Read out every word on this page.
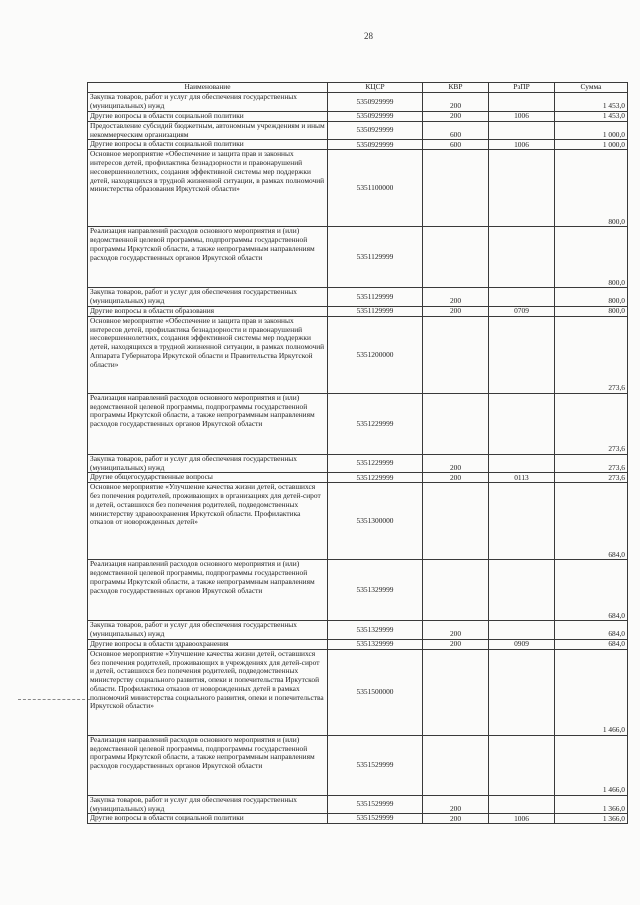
28
Наименование	КЦСР	КВР	РзПР	Сумма
Закупка товаров, работ и услуг для обеспечения государственных (муниципальных) нужд	5350929999	200		1 453,0
Другие вопросы в области социальной политики	5350929999	200	1006	1 453,0
Предоставление субсидий бюджетным, автономным учреждениям и иным некоммерческим организациям	5350929999	600		1 000,0
Другие вопросы в области социальной политики	5350929999	600	1006	1 000,0
Основное мероприятие «Обеспечение и защита прав и законных интересов детей, профилактика безнадзорности и правонарушений несовершеннолетних, создания эффективной системы мер поддержки детей, находящихся в трудной жизненной ситуации, в рамках полномочий министерства образования Иркутской области»	5351100000			800,0
Реализация направлений расходов основного мероприятия и (или) ведомственной целевой программы, подпрограммы государственной программы Иркутской области, а также непрограммным направлениям расходов государственных органов Иркутской области	5351129999			800,0
Закупка товаров, работ и услуг для обеспечения государственных (муниципальных) нужд	5351129999	200		800,0
Другие вопросы в области образования	5351129999	200	0709	800,0
Основное мероприятие «Обеспечение и защита прав и законных интересов детей, профилактика безнадзорности и правонарушений несовершеннолетних, создания эффективной системы мер поддержки детей, находящихся в трудной жизненной ситуации, в рамках полномочий Аппарата Губернатора Иркутской области и Правительства Иркутской области»	5351200000			273,6
Реализация направлений расходов основного мероприятия и (или) ведомственной целевой программы, подпрограммы государственной программы Иркутской области, а также непрограммным направлениям расходов государственных органов Иркутской области	5351229999			273,6
Закупка товаров, работ и услуг для обеспечения государственных (муниципальных) нужд	5351229999	200		273,6
Другие общегосударственные вопросы	5351229999	200	0113	273,6
Основное мероприятие «Улучшение качества жизни детей, оставшихся без попечения родителей, проживающих в организациях для детей-сирот и детей, оставшихся без попечения родителей, подведомственных министерству здравоохранения Иркутской области. Профилактика отказов от новорожденных детей»	5351300000			684,0
Реализация направлений расходов основного мероприятия и (или) ведомственной целевой программы, подпрограммы государственной программы Иркутской области, а также непрограммным направлениям расходов государственных органов Иркутской области	5351329999			684,0
Закупка товаров, работ и услуг для обеспечения государственных (муниципальных) нужд	5351329999	200		684,0
Другие вопросы в области здравоохранения	5351329999	200	0909	684,0
Основное мероприятие «Улучшение качества жизни детей, оставшихся без попечения родителей, проживающих в учреждениях для детей-сирот и детей, оставшихся без попечения родителей, подведомственных министерству социального развития, опеки и попечительства Иркутской области. Профилактика отказов от новорожденных детей в рамках полномочий министерства социального развития, опеки и попечительства Иркутской области»	5351500000			1 466,0
Реализация направлений расходов основного мероприятия и (или) ведомственной целевой программы, подпрограммы государственной программы Иркутской области, а также непрограммным направлениям расходов государственных органов Иркутской области	5351529999			1 466,0
Закупка товаров, работ и услуг для обеспечения государственных (муниципальных) нужд	5351529999	200		1 366,0
Другие вопросы в области социальной политики	5351529999	200	1006	1 366,0
